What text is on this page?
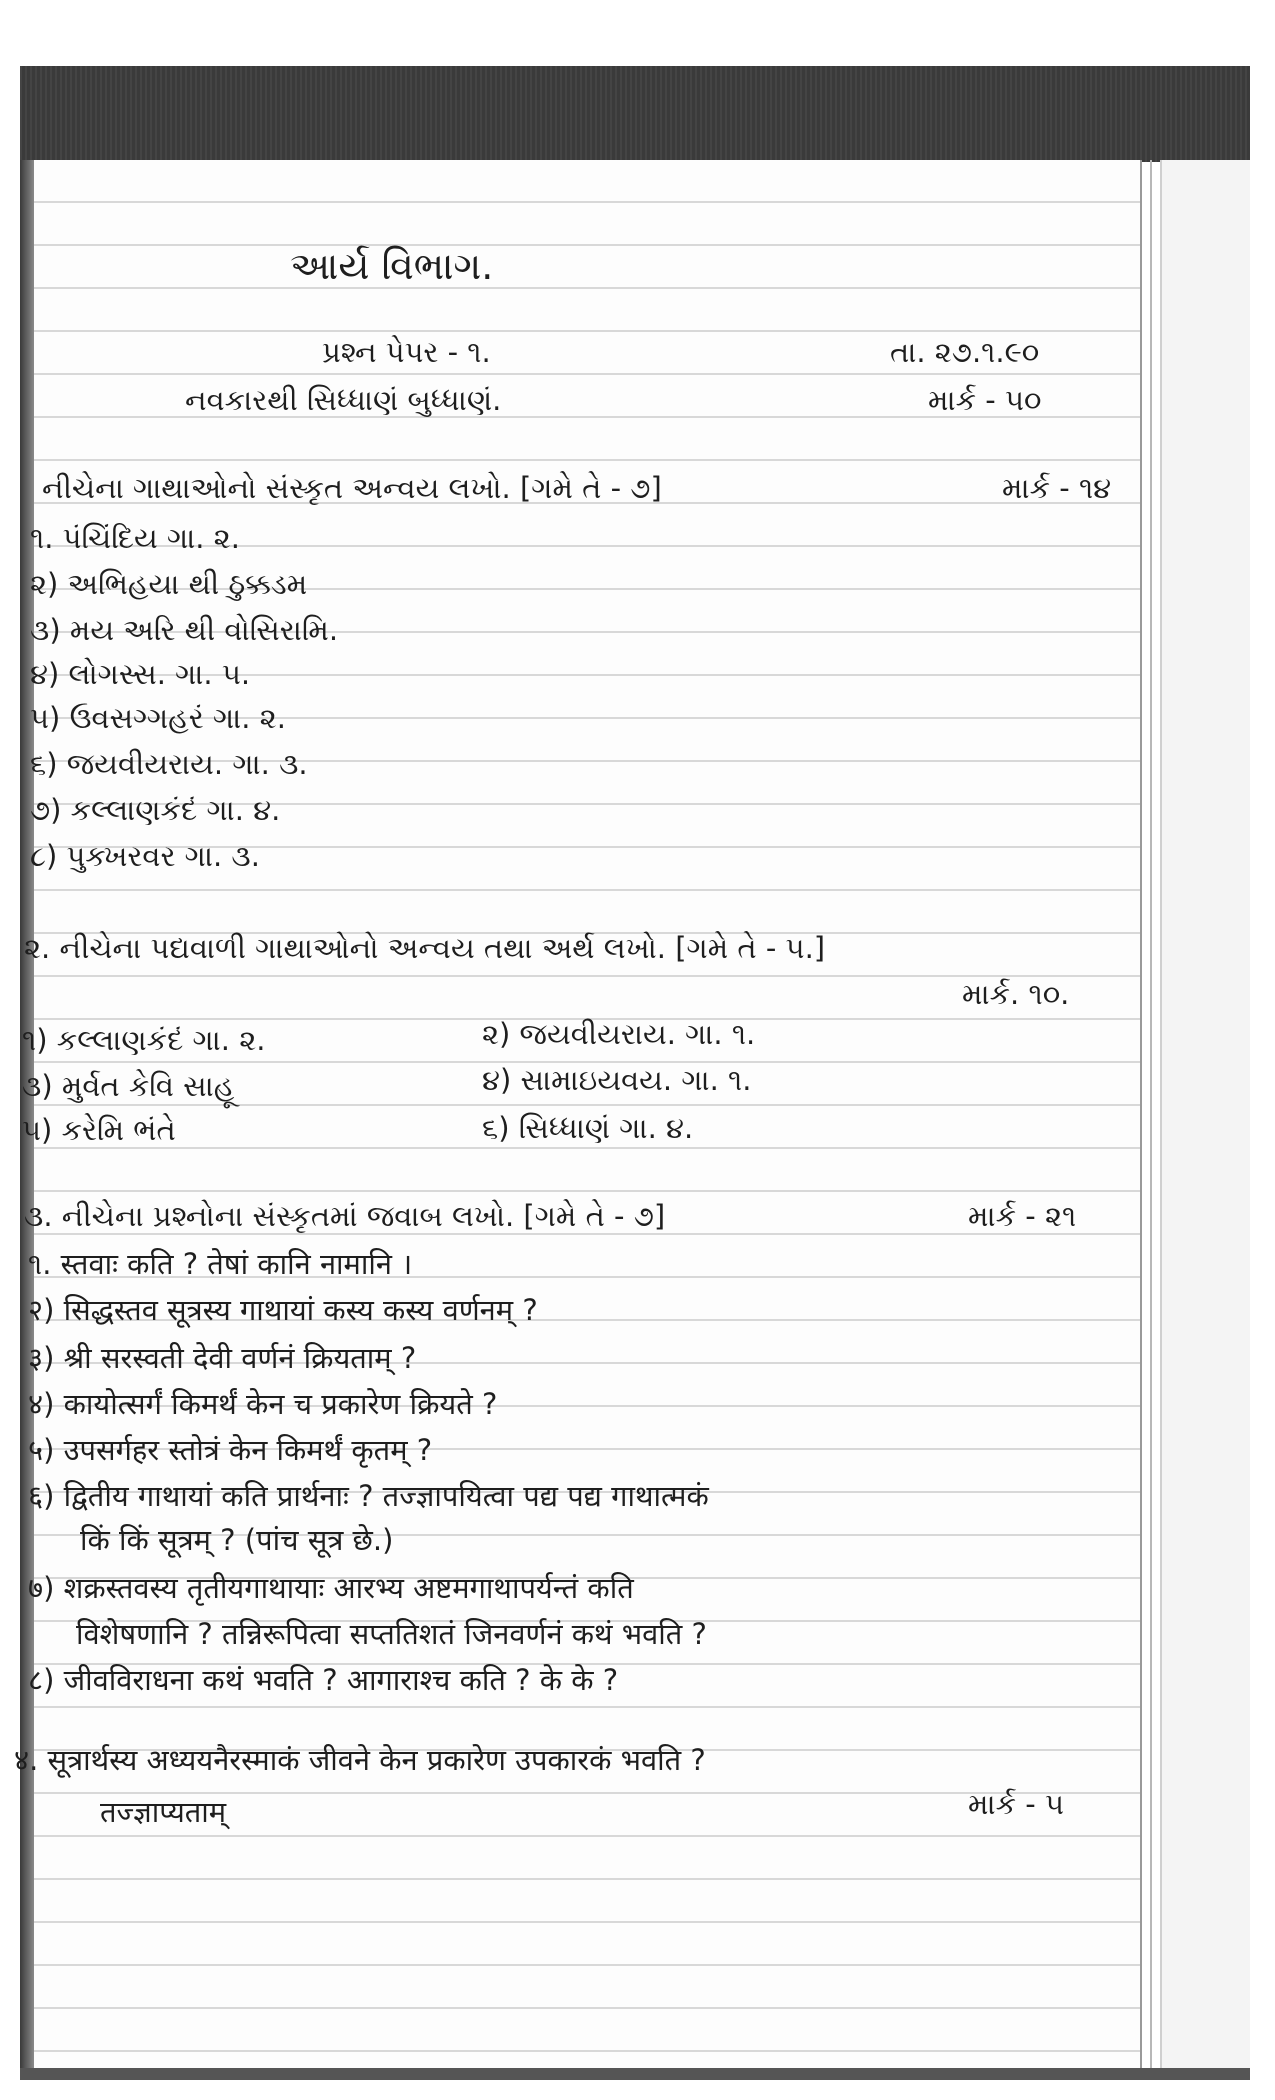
આર્ય વિભાગ.
પ્રશ્ન પેપર - ૧.	તા. ૨૭.૧.૯૦
નવકારથી સિધ્ધાણં બુધ્ધાણં.	માર્ક - ૫૦
નીચેના ગાથાઓનો સંસ્કૃત અન્વય લખો. [ગમે તે - ૭]	માર્ક - ૧૪
૧. પંચિંદિય ગા. ૨.
૨) અભિહયા થી ઠુક્કડમ
૩) મય અરિ થી વોસિરામિ.
૪) લોગસ્સ. ગા. ૫.
૫) ઉવસગ્ગહરં ગા. ૨.
૬) જયવીયરાય. ગા. ૩.
૭) કલ્લાણકંદં ગા. ૪.
૮) પુક્ખરવર ગા. ૩.
૨. નીચેના પદ્યવાળી ગાથાઓનો અન્વય તથા અર્થ લખો. [ગમે તે - ૫.]
માર્ક. ૧૦.
૧) કલ્લાણકંદં ગા. ૨.	૨) જયવીયરાય. ગા. ૧.
૩) મુર્વત કેવિ સાહૂ	૪) સામાઇયવય. ગા. ૧.
૫) કરેમિ ભંતે	૬) સિધ્ધાણં ગા. ૪.
૩. નીચેના પ્રશ્નોના સંસ્કૃતમાં જવાબ લખો. [ગમે તે - ૭]	માર્ક - ૨૧
૧. स्तवाः कति ? तेषां कानि नामानि ।
२) सिद्धस्तव सूत्रस्य गाथायां कस्य कस्य वर्णनम् ?
३) श्री सरस्वती देवी वर्णनं क्रियताम् ?
४) कायोत्सर्गं किमर्थं केन च प्रकारेण क्रियते ?
५) उपसर्गहर स्तोत्रं केन किमर्थं कृतम् ?
६) द्वितीय गाथायां कति प्रार्थनाः ? तज्ज्ञापयित्वा पद्य पद्य गाथात्मकं
किं किं सूत्रम् ? (पांच सूत्र छे.)
७) शक्रस्तवस्य तृतीयगाथायाः आरभ्य अष्टमगाथापर्यन्तं कति
विशेषणानि ? तन्निरूपित्वा सप्ततिशतं जिनवर्णनं कथं भवति ?
८) जीवविराधना कथं भवति ? आगाराश्च कति ? के के ?
४. सूत्रार्थस्य अध्ययनैरस्माकं जीवने केन प्रकारेण उपकारकं भवति ?
तज्ज्ञाप्यताम्	માર્ક - ૫
